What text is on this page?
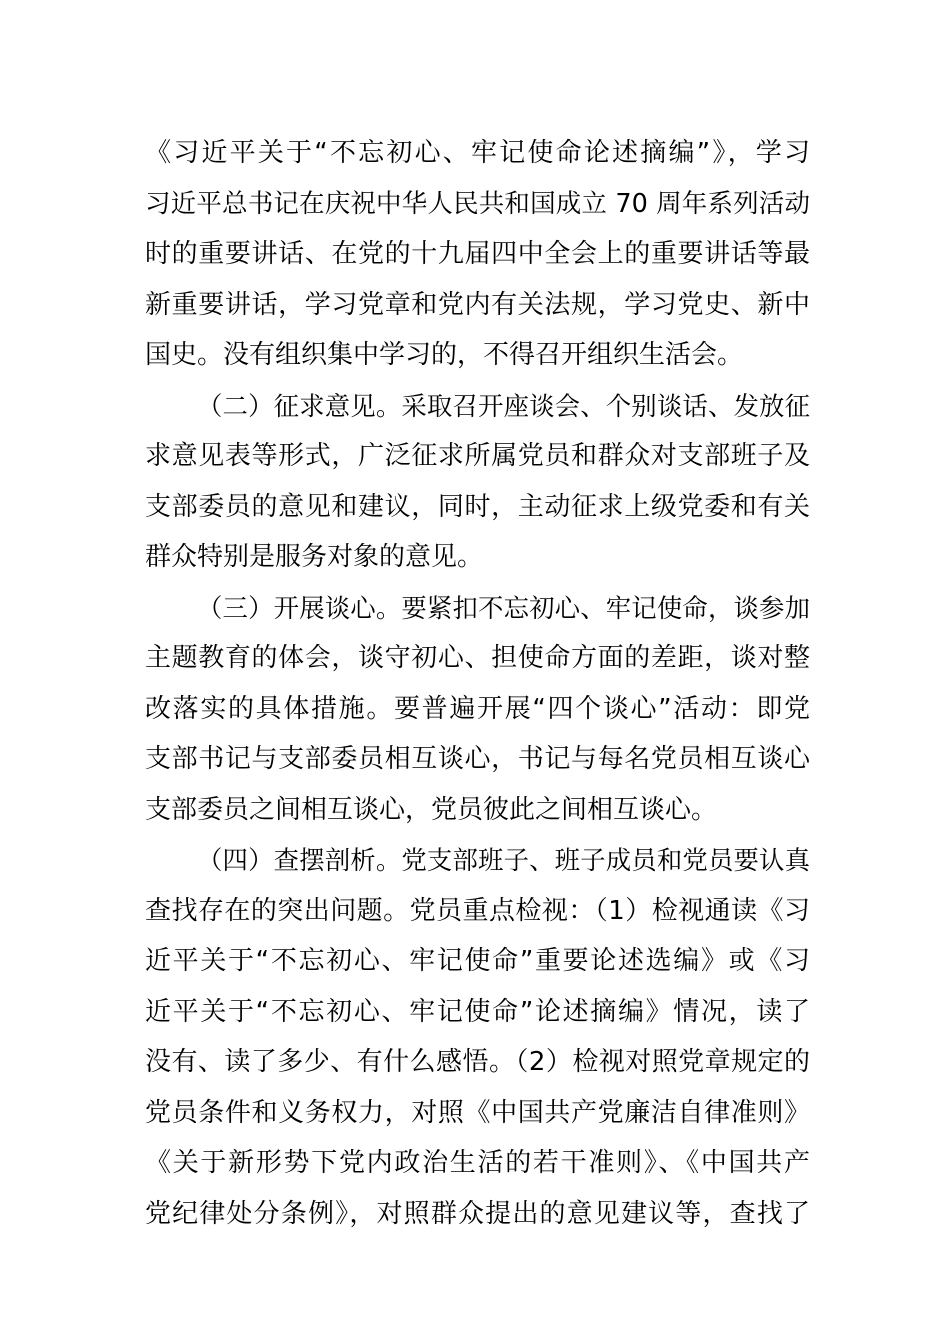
《习近平关于“不忘初心、牢记使命论述摘编”》，学习
习近平总书记在庆祝中华人民共和国成立 70 周年系列活动
时的重要讲话、在党的十九届四中全会上的重要讲话等最
新重要讲话，学习党章和党内有关法规，学习党史、新中
国史。没有组织集中学习的，不得召开组织生活会。
（二）征求意见。采取召开座谈会、个别谈话、发放征
求意见表等形式，广泛征求所属党员和群众对支部班子及
支部委员的意见和建议，同时，主动征求上级党委和有关
群众特别是服务对象的意见。
（三）开展谈心。要紧扣不忘初心、牢记使命，谈参加
主题教育的体会，谈守初心、担使命方面的差距，谈对整
改落实的具体措施。要普遍开展“四个谈心”活动：即党
支部书记与支部委员相互谈心，书记与每名党员相互谈心
支部委员之间相互谈心，党员彼此之间相互谈心。
（四）查摆剖析。党支部班子、班子成员和党员要认真
查找存在的突出问题。党员重点检视：（1）检视通读《习
近平关于“不忘初心、牢记使命”重要论述选编》或《习
近平关于“不忘初心、牢记使命”论述摘编》情况，读了
没有、读了多少、有什么感悟。（2）检视对照党章规定的
党员条件和义务权力，对照《中国共产党廉洁自律准则》
《关于新形势下党内政治生活的若干准则》、《中国共产
党纪律处分条例》，对照群众提出的意见建议等，查找了
